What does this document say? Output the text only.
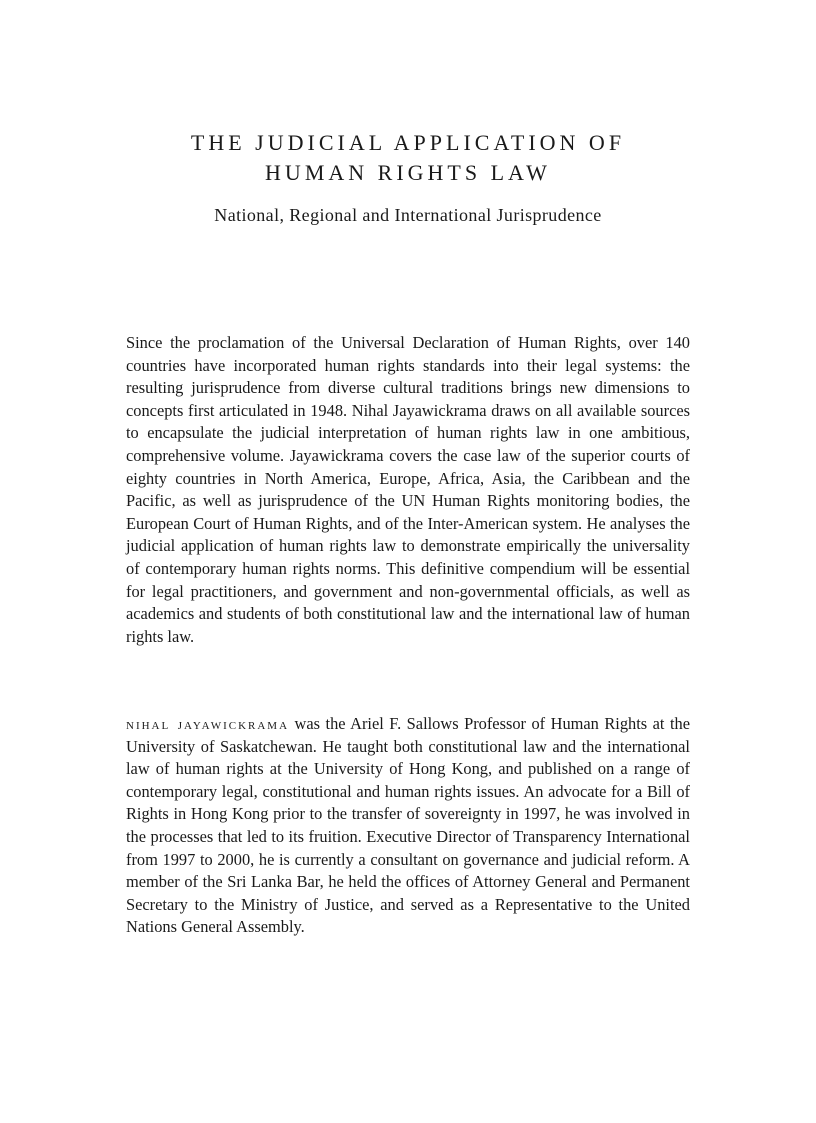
THE JUDICIAL APPLICATION OF

HUMAN RIGHTS LAW

National, Regional and International Jurisprudence

Since the proclamation of the Universal Declaration of Human Rights, over 140 countries have incorporated human rights standards into their legal systems: the resulting jurisprudence from diverse cultural traditions brings new dimensions to concepts first articulated in 1948. Nihal Jayawickrama draws on all available sources to encapsulate the judicial interpretation of human rights law in one ambitious, comprehensive volume. Jayawickrama covers the case law of the superior courts of eighty countries in North America, Europe, Africa, Asia, the Caribbean and the Pacific, as well as jurisprudence of the UN Human Rights monitoring bodies, the European Court of Human Rights, and of the Inter-American system. He analyses the judicial application of human rights law to demonstrate empirically the universality of contemporary human rights norms. This definitive compendium will be essential for legal practitioners, and government and non-governmental officials, as well as academics and students of both constitutional law and the international law of human rights law.

nihal jayawickrama was the Ariel F. Sallows Professor of Human Rights at the University of Saskatchewan. He taught both constitutional law and the international law of human rights at the University of Hong Kong, and published on a range of contemporary legal, constitutional and human rights issues. An advocate for a Bill of Rights in Hong Kong prior to the transfer of sovereignty in 1997, he was involved in the processes that led to its fruition. Executive Director of Transparency International from 1997 to 2000, he is currently a consultant on governance and judicial reform. A member of the Sri Lanka Bar, he held the offices of Attorney General and Permanent Secretary to the Ministry of Justice, and served as a Representative to the United Nations General Assembly.
